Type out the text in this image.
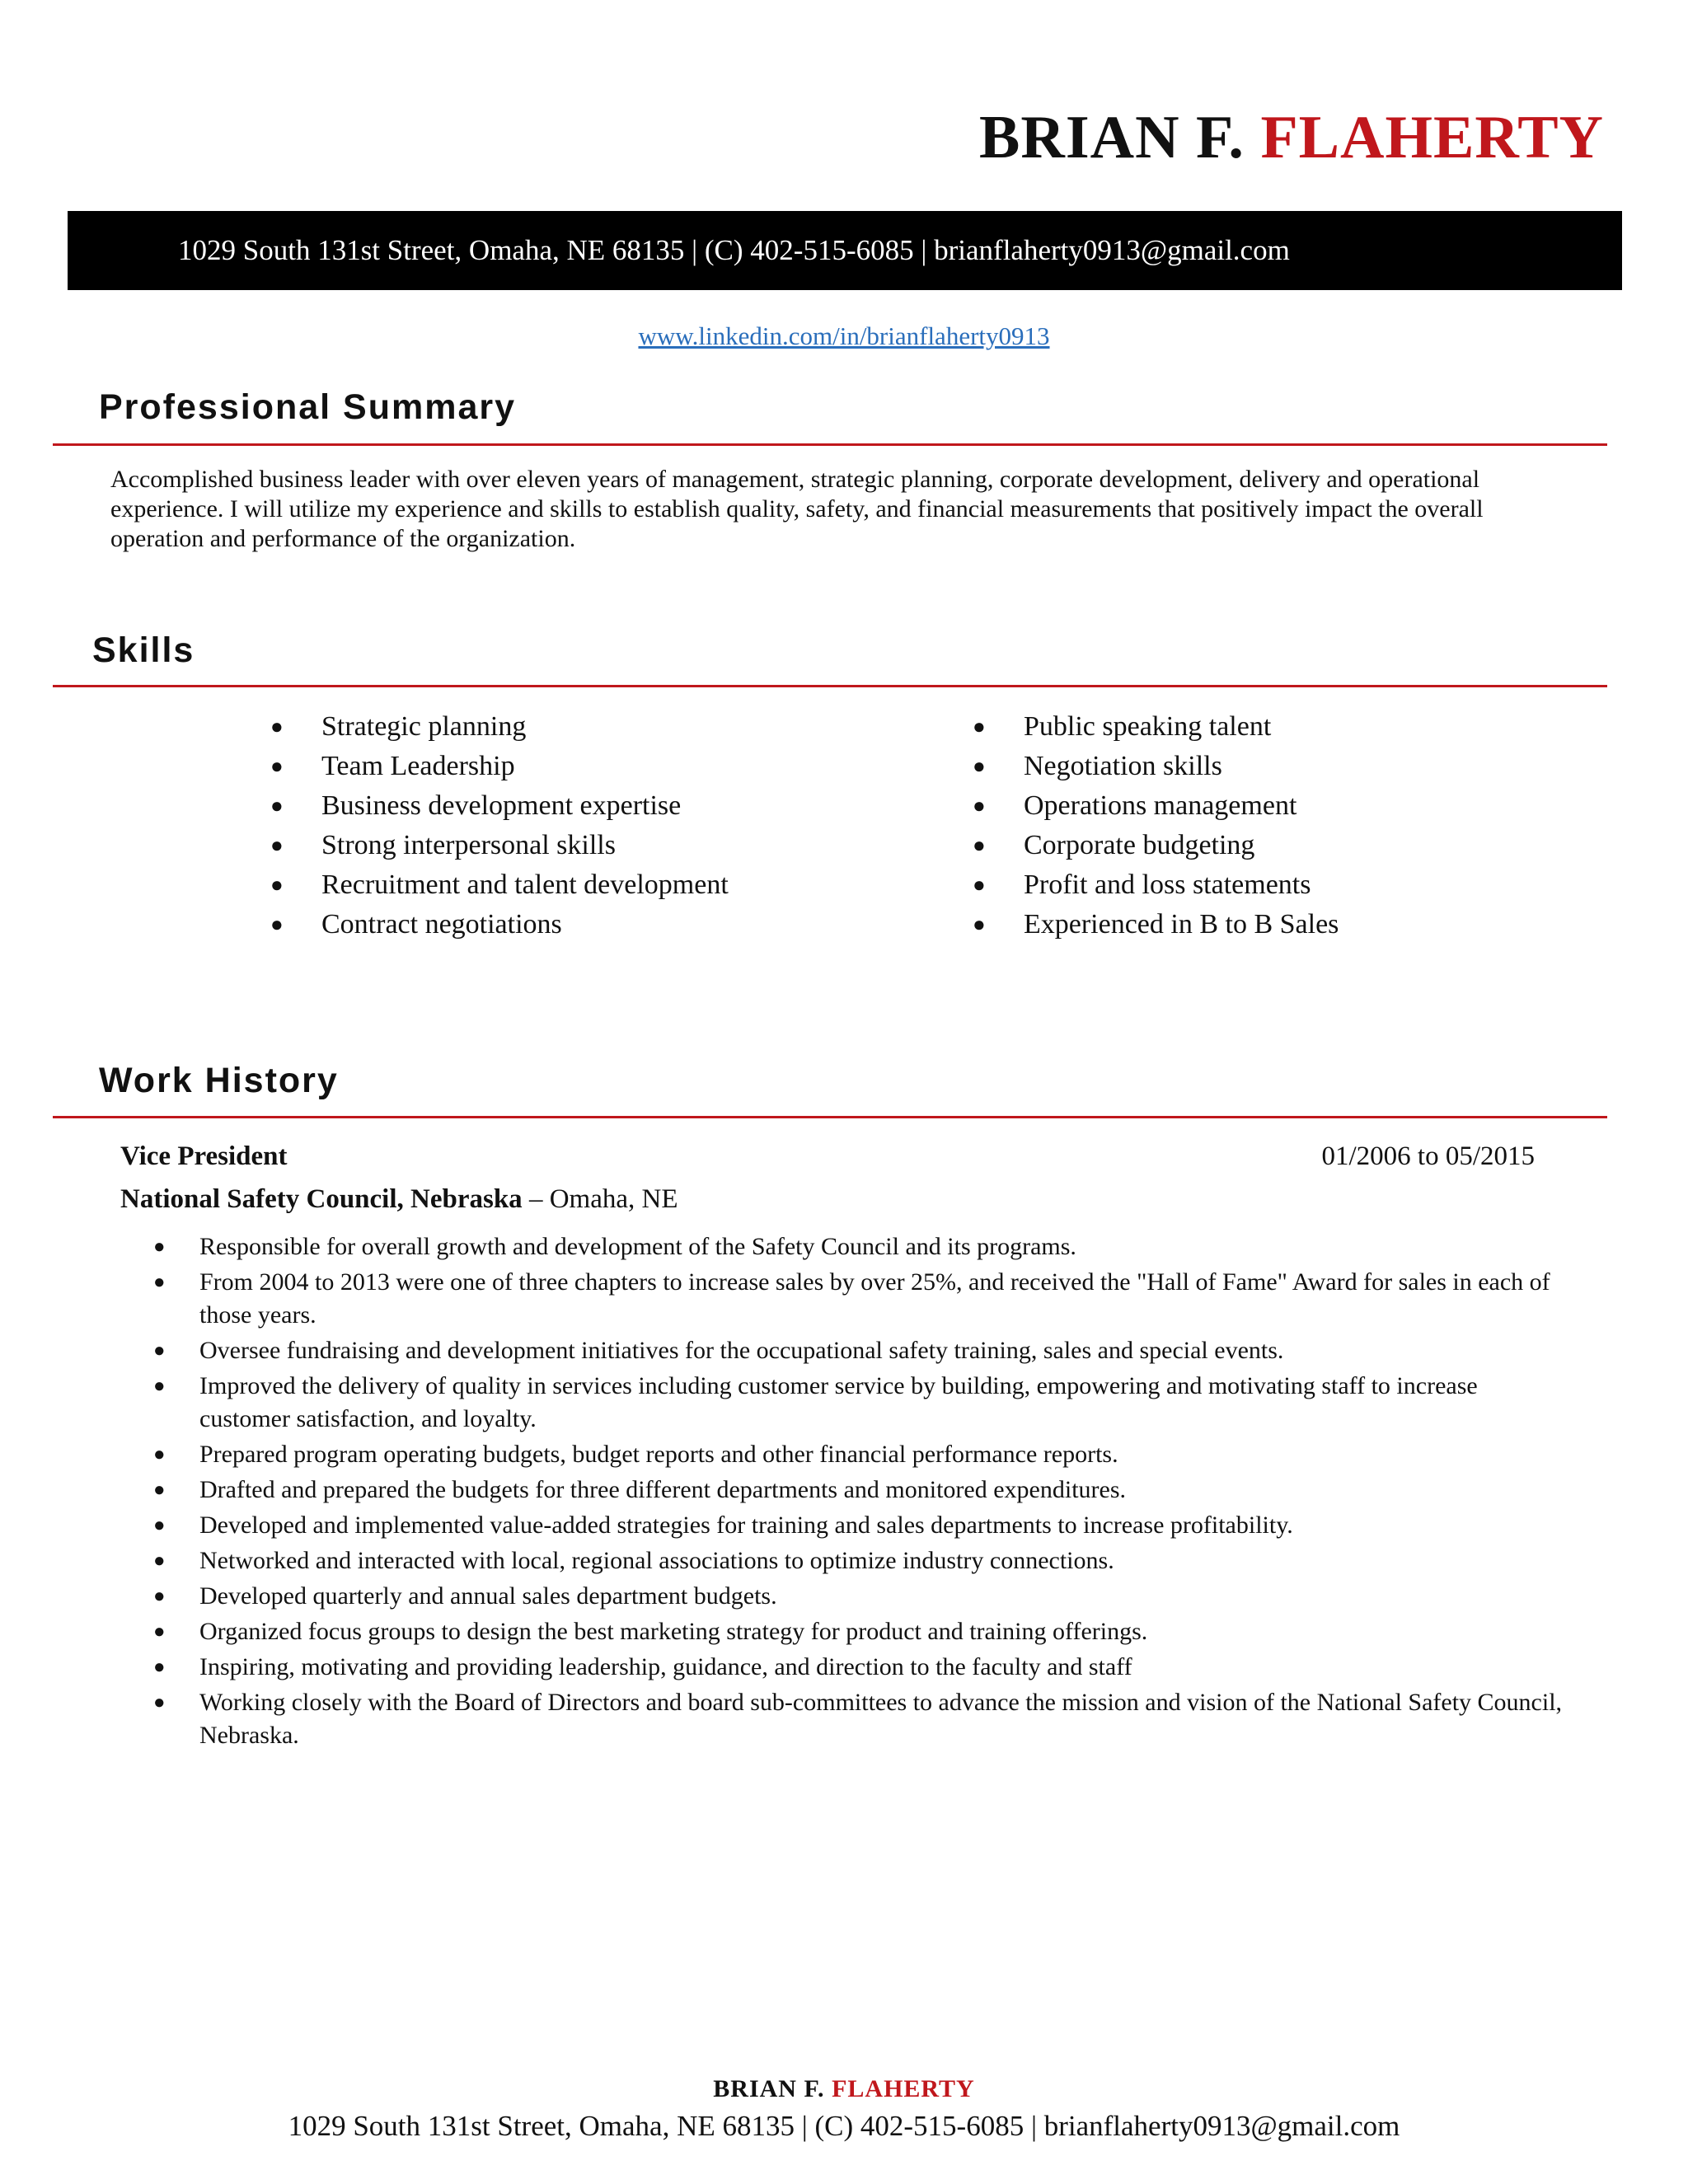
BRIAN F. FLAHERTY
1029 South 131st Street, Omaha, NE 68135 | (C) 402-515-6085 | brianflaherty0913@gmail.com
www.linkedin.com/in/brianflaherty0913
Professional Summary
Accomplished business leader with over eleven years of management, strategic planning, corporate development, delivery and operational experience. I will utilize my experience and skills to establish quality, safety, and financial measurements that positively impact the overall operation and performance of the organization.
Skills
● Strategic planning
● Team Leadership
● Business development expertise
● Strong interpersonal skills
● Recruitment and talent development
● Contract negotiations
● Public speaking talent
● Negotiation skills
● Operations management
● Corporate budgeting
● Profit and loss statements
● Experienced in B to B Sales
Work History
Vice President	01/2006 to 05/2015
National Safety Council, Nebraska – Omaha, NE
● Responsible for overall growth and development of the Safety Council and its programs.
● From 2004 to 2013 were one of three chapters to increase sales by over 25%, and received the "Hall of Fame" Award for sales in each of those years.
● Oversee fundraising and development initiatives for the occupational safety training, sales and special events.
● Improved the delivery of quality in services including customer service by building, empowering and motivating staff to increase customer satisfaction, and loyalty.
● Prepared program operating budgets, budget reports and other financial performance reports.
● Drafted and prepared the budgets for three different departments and monitored expenditures.
● Developed and implemented value-added strategies for training and sales departments to increase profitability.
● Networked and interacted with local, regional associations to optimize industry connections.
● Developed quarterly and annual sales department budgets.
● Organized focus groups to design the best marketing strategy for product and training offerings.
● Inspiring, motivating and providing leadership, guidance, and direction to the faculty and staff
● Working closely with the Board of Directors and board sub-committees to advance the mission and vision of the National Safety Council, Nebraska.
BRIAN F. FLAHERTY
1029 South 131st Street, Omaha, NE 68135 | (C) 402-515-6085 | brianflaherty0913@gmail.com
